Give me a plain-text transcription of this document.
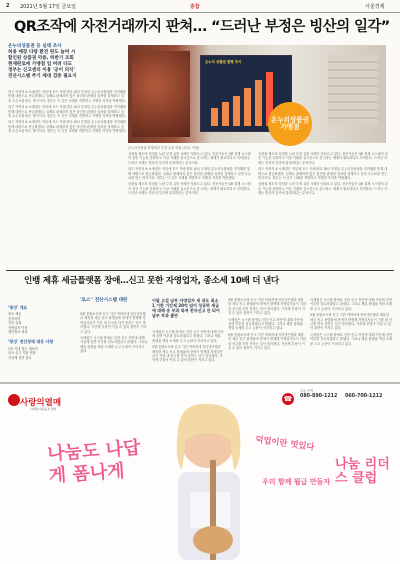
2 2021년 5월 17일 금요일	종합	서울경제
QR조작에 자전거래까지 판쳐… “드러난 부정은 빙산의 일각”
온누리상품권 등 실태 조사
허용 매장 다량 환전 판도 늘며 시
할인된 상품권 악용, 하반기 조회
현재판로에 가맹점 업 버려 다도
정부는 신고센터 이용 '공이 의식'
전산시스템 주기 제대 검증 필요지

대구 지역의 A 소매점은 작년에 모드 카메 변호 와서 부정한 온누리상품권을 직거래를 통해 대량으로 현금화했다. 실제로 판매하지 않은 물건을 판매한 것처럼 결제하고 일정 수수료를 받는 방식이다. 정부는 이 같은 사례를 적발하고 가맹점 자격을 박탈했다.

대구 지역의 A 소매점은 작년에 모드 카메 변호 와서 부정한 온누리상품권을 직거래를 통해 대량으로 현금화했다. 실제로 판매하지 않은 물건을 판매한 것처럼 결제하고 일정 수수료를 받는 방식이다. 정부는 이 같은 사례를 적발하고 가맹점 자격을 박탈했다.

대구 지역의 A 소매점은 작년에 모드 카메 변호 와서 부정한 온누리상품권을 직거래를 통해 대량으로 현금화했다. 실제로 판매하지 않은 물건을 판매한 것처럼 결제하고 일정 수수료를 받는 방식이다. 정부는 이 같은 사례를 적발하고 가맹점 자격을 박탈했다.

온누리 상품권 발행 추이
온누리상품권 가맹점
온누리상품권 발행액과 부정 유통 현황 (단위: 억원)

상품권 제도의 허점을 노린 부정 유통 사례가 잇따르고 있다. 전문가들은 QR 결제 시스템의 검증 기능을 강화하고 이상 거래를 실시간으로 감시하는 체계가 필요하다고 지적한다. 드러난 사례는 빙산의 일각에 불과하다는 분석이다.

대구 지역의 A 소매점은 작년에 모드 카메 변호 와서 부정한 온누리상품권을 직거래를 통해 대량으로 현금화했다. 실제로 판매하지 않은 물건을 판매한 것처럼 결제하고 일정 수수료를 받는 방식이다. 정부는 이 같은 사례를 적발하고 가맹점 자격을 박탈했다.

상품권 제도의 허점을 노린 부정 유통 사례가 잇따르고 있다. 전문가들은 QR 결제 시스템의 검증 기능을 강화하고 이상 거래를 실시간으로 감시하는 체계가 필요하다고 지적한다. 드러난 사례는 빙산의 일각에 불과하다는 분석이다.

상품권 제도의 허점을 노린 부정 유통 사례가 잇따르고 있다. 전문가들은 QR 결제 시스템의 검증 기능을 강화하고 이상 거래를 실시간으로 감시하는 체계가 필요하다고 지적한다. 드러난 사례는 빙산의 일각에 불과하다는 분석이다.

대구 지역의 A 소매점은 작년에 모드 카메 변호 와서 부정한 온누리상품권을 직거래를 통해 대량으로 현금화했다. 실제로 판매하지 않은 물건을 판매한 것처럼 결제하고 일정 수수료를 받는 방식이다. 정부는 이 같은 사례를 적발하고 가맹점 자격을 박탈했다.

상품권 제도의 허점을 노린 부정 유통 사례가 잇따르고 있다. 전문가들은 QR 결제 시스템의 검증 기능을 강화하고 이상 거래를 실시간으로 감시하는 체계가 필요하다고 지적한다. 드러난 사례는 빙산의 일각에 불과하다는 분석이다.

인뱅 제휴 세금플랫폼 장애…신고 못한 자영업자, 종소세 10배 더 낸다
'평성' 개요
정보 제공
전자서명
인증 유형
자영업자 이용
개인정보 처리
'평성' 전산장애 대응 사항
1일 이내 접수 재처리
임시 신고 기한 연장
가산세 감면 검토
'토스'' 전산시스템 대란	이달 고섭 남부 자영업자 세 내도 최소 1 기한 기간제 20억 넘어 성공하 세금에 대해 송 부과 따져 전자신고 안 되어 납부 부과 불만

5월 종합소득세 신고 기간 막바지에 인터넷은행과 제휴한 세금 신고 플랫폼에 장애가 발생해 자영업자들이 기한 내 신고를 하지 못하는 일이 벌어졌다. 가산세 부담이 커질 수 있어 불만이 커지고 있다.

국세청은 시스템 장애로 인한 신고 지연에 대해 가산세 감면 여부를 검토하겠다고 밝혔다. 그러나 제휴 플랫폼 책임 소재를 두고 논란이 이어지고 있다.

국세청은 시스템 장애로 인한 신고 지연에 대해 가산세 감면 여부를 검토하겠다고 밝혔다. 그러나 제휴 플랫폼 책임 소재를 두고 논란이 이어지고 있다.

5월 종합소득세 신고 기간 막바지에 인터넷은행과 제휴한 세금 신고 플랫폼에 장애가 발생해 자영업자들이 기한 내 신고를 하지 못하는 일이 벌어졌다. 가산세 부담이 커질 수 있어 불만이 커지고 있다.

5월 종합소득세 신고 기간 막바지에 인터넷은행과 제휴한 세금 신고 플랫폼에 장애가 발생해 자영업자들이 기한 내 신고를 하지 못하는 일이 벌어졌다. 가산세 부담이 커질 수 있어 불만이 커지고 있다.

국세청은 시스템 장애로 인한 신고 지연에 대해 가산세 감면 여부를 검토하겠다고 밝혔다. 그러나 제휴 플랫폼 책임 소재를 두고 논란이 이어지고 있다.

5월 종합소득세 신고 기간 막바지에 인터넷은행과 제휴한 세금 신고 플랫폼에 장애가 발생해 자영업자들이 기한 내 신고를 하지 못하는 일이 벌어졌다. 가산세 부담이 커질 수 있어 불만이 커지고 있다.

국세청은 시스템 장애로 인한 신고 지연에 대해 가산세 감면 여부를 검토하겠다고 밝혔다. 그러나 제휴 플랫폼 책임 소재를 두고 논란이 이어지고 있다.

5월 종합소득세 신고 기간 막바지에 인터넷은행과 제휴한 세금 신고 플랫폼에 장애가 발생해 자영업자들이 기한 내 신고를 하지 못하는 일이 벌어졌다. 가산세 부담이 커질 수 있어 불만이 커지고 있다.

국세청은 시스템 장애로 인한 신고 지연에 대해 가산세 감면 여부를 검토하겠다고 밝혔다. 그러나 제휴 플랫폼 책임 소재를 두고 논란이 이어지고 있다.

사랑의열매
사회복지공동모금회
☎
나눔 문의
080-890-1212 060-700-1212
나눔도 나답게 폼나게
덕업이란 멋있다
우리 함께 월급 만들자
나눔 리더스 클럽
